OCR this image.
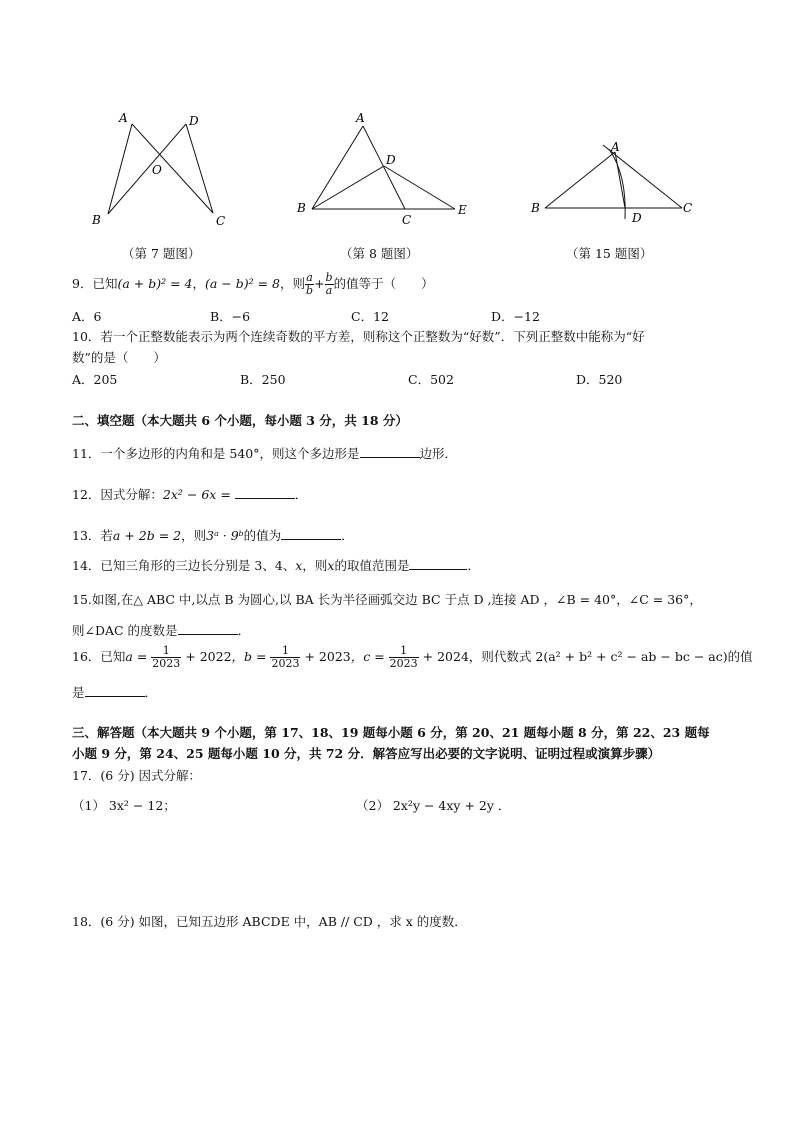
A	D
O
B	C
（第 7 题图）
A
D
B
C
E
（第 8 题图）
A
B
D
C
（第 15 题图）
9．已知(a + b)² = 4，(a − b)² = 8，则 $\frac{a}{b} + \frac{b}{a}$ 的值等于（　　）
A．6	B．−6	C．12	D．−12
10．若一个正整数能表示为两个连续奇数的平方差，则称这个正整数为“好数”．下列正整数中能称为“好
数”的是（　　）
A．205	B．250	C．502	D．520
二、填空题（本大题共 6 个小题，每小题 3 分，共 18 分）
11．一个多边形的内角和是 540°，则这个多边形是	边形．
12．因式分解：2x² − 6x =	．
13．若a + 2b = 2，则3ᵃ · 9ᵇ的值为	．
14．已知三角形的三边长分别是 3、4、x，则x的取值范围是	．
15.如图,在△ ABC 中,以点 B 为圆心,以 BA 长为半径画弧交边 BC 于点 D ,连接 AD ，∠B = 40°，∠C = 36°，
则∠DAC 的度数是	．
16．已知$a = \frac{1}{2023} + 2022$，$b = \frac{1}{2023} + 2023$，$c = \frac{1}{2023} + 2024$，则代数式 2(a² + b² + c² − ab − bc − ac)的值
是	．
三、解答题（本大题共 9 个小题，第 17、18、19 题每小题 6 分，第 20、21 题每小题 8 分，第 22、23 题每
小题 9 分，第 24、25 题每小题 10 分，共 72 分．解答应写出必要的文字说明、证明过程或演算步骤）
17．(6 分) 因式分解：
（1） 3x² − 12；	（2） 2x²y − 4xy + 2y ．
18．(6 分) 如图，已知五边形 ABCDE 中，AB // CD ，求 x 的度数．
